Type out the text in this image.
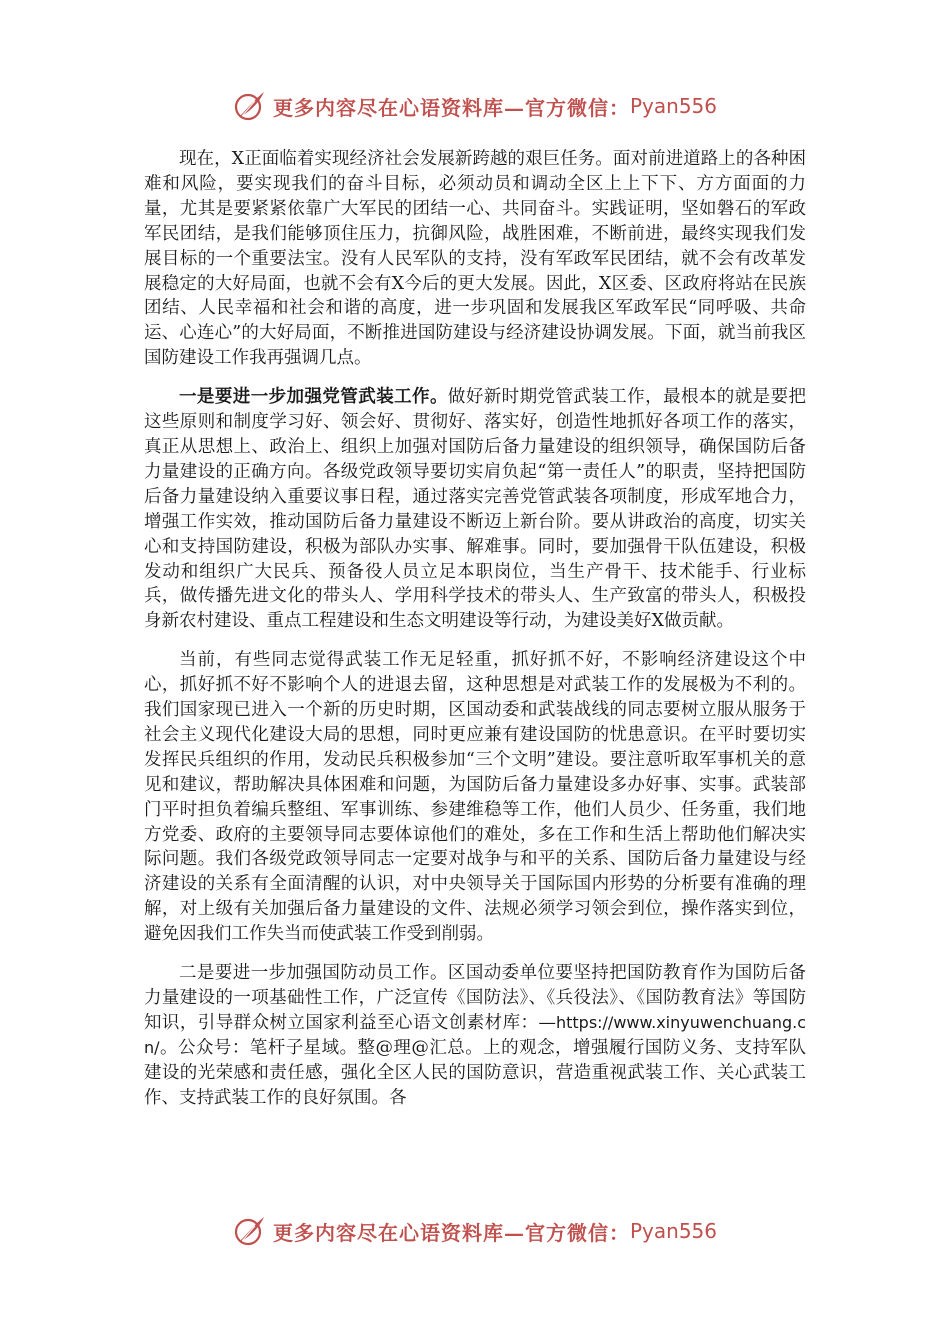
更多内容尽在心语资料库—官方微信： Pyan556

现在，X正面临着实现经济社会发展新跨越的艰巨任务。面对前进道路上的各种困难和风险，要实现我们的奋斗目标，必须动员和调动全区上上下下、方方面面的力量，尤其是要紧紧依靠广大军民的团结一心、共同奋斗。实践证明，坚如磐石的军政军民团结，是我们能够顶住压力，抗御风险，战胜困难，不断前进，最终实现我们发展目标的一个重要法宝。没有人民军队的支持，没有军政军民团结，就不会有改革发展稳定的大好局面，也就不会有X今后的更大发展。因此，X区委、区政府将站在民族团结、人民幸福和社会和谐的高度，进一步巩固和发展我区军政军民“同呼吸、共命运、心连心”的大好局面，不断推进国防建设与经济建设协调发展。下面，就当前我区国防建设工作我再强调几点。

一是要进一步加强党管武装工作。做好新时期党管武装工作，最根本的就是要把这些原则和制度学习好、领会好、贯彻好、落实好，创造性地抓好各项工作的落实，真正从思想上、政治上、组织上加强对国防后备力量建设的组织领导，确保国防后备力量建设的正确方向。各级党政领导要切实肩负起“第一责任人”的职责，坚持把国防后备力量建设纳入重要议事日程，通过落实完善党管武装各项制度，形成军地合力，增强工作实效，推动国防后备力量建设不断迈上新台阶。要从讲政治的高度，切实关心和支持国防建设，积极为部队办实事、解难事。同时，要加强骨干队伍建设，积极发动和组织广大民兵、预备役人员立足本职岗位，当生产骨干、技术能手、行业标兵，做传播先进文化的带头人、学用科学技术的带头人、生产致富的带头人，积极投身新农村建设、重点工程建设和生态文明建设等行动，为建设美好X做贡献。

当前，有些同志觉得武装工作无足轻重，抓好抓不好，不影响经济建设这个中心，抓好抓不好不影响个人的进退去留，这种思想是对武装工作的发展极为不利的。我们国家现已进入一个新的历史时期，区国动委和武装战线的同志要树立服从服务于社会主义现代化建设大局的思想，同时更应兼有建设国防的忧患意识。在平时要切实发挥民兵组织的作用，发动民兵积极参加“三个文明”建设。要注意听取军事机关的意见和建议，帮助解决具体困难和问题，为国防后备力量建设多办好事、实事。武装部门平时担负着编兵整组、军事训练、参建维稳等工作，他们人员少、任务重，我们地方党委、政府的主要领导同志要体谅他们的难处，多在工作和生活上帮助他们解决实际问题。我们各级党政领导同志一定要对战争与和平的关系、国防后备力量建设与经济建设的关系有全面清醒的认识，对中央领导关于国际国内形势的分析要有准确的理解，对上级有关加强后备力量建设的文件、法规必须学习领会到位，操作落实到位，避免因我们工作失当而使武装工作受到削弱。

二是要进一步加强国防动员工作。区国动委单位要坚持把国防教育作为国防后备力量建设的一项基础性工作，广泛宣传《国防法》、《兵役法》、《国防教育法》等国防知识，引导群众树立国家利益至心语文创素材库：—https://www.xinyuwenchuang.cn/。公众号：笔杆子星域。整@理@汇总。上的观念，增强履行国防义务、支持军队建设的光荣感和责任感，强化全区人民的国防意识，营造重视武装工作、关心武装工作、支持武装工作的良好氛围。各

更多内容尽在心语资料库—官方微信： Pyan556
